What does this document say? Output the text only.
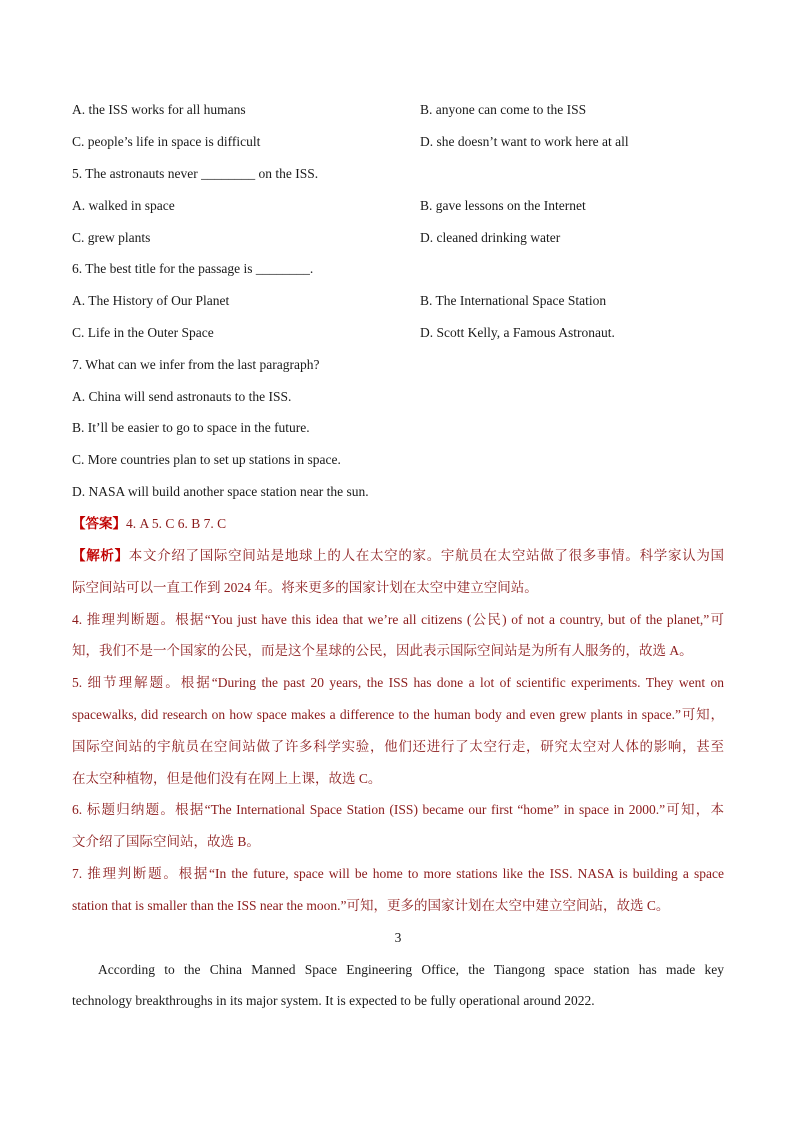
A. the ISS works for all humans	B. anyone can come to the ISS
C. people’s life in space is difficult	D. she doesn’t want to work here at all
5. The astronauts never ________ on the ISS.
A. walked in space	B. gave lessons on the Internet
C. grew plants	D. cleaned drinking water
6. The best title for the passage is ________.
A. The History of Our Planet	B. The International Space Station
C. Life in the Outer Space	D. Scott Kelly, a Famous Astronaut.
7. What can we infer from the last paragraph?
A. China will send astronauts to the ISS.
B. It’ll be easier to go to space in the future.
C. More countries plan to set up stations in space.
D. NASA will build another space station near the sun.
【答案】4. A 5. C 6. B 7. C
【解析】本文介绍了国际空间站是地球上的人在太空的家。宇航员在太空站做了很多事情。科学家认为国
际空间站可以一直工作到 2024 年。将来更多的国家计划在太空中建立空间站。
4. 推理判断题。根据“You just have this idea that we’re all citizens (公民) of not a country, but of the planet,”可
知，我们不是一个国家的公民，而是这个星球的公民，因此表示国际空间站是为所有人服务的，故选 A。
5. 细节理解题。根据“During the past 20 years, the ISS has done a lot of scientific experiments. They went on
spacewalks, did research on how space makes a difference to the human body and even grew plants in space.”可知，
国际空间站的宇航员在空间站做了许多科学实验，他们还进行了太空行走，研究太空对人体的影响，甚至
在太空种植物，但是他们没有在网上上课，故选 C。
6. 标题归纳题。根据“The International Space Station (ISS) became our first “home” in space in 2000.”可知，本
文介绍了国际空间站，故选 B。
7. 推理判断题。根据“In the future, space will be home to more stations like the ISS. NASA is building a space
station that is smaller than the ISS near the moon.”可知，更多的国家计划在太空中建立空间站，故选 C。
3
According to the China Manned Space Engineering Office, the Tiangong space station has made key
technology breakthroughs in its major system. It is expected to be fully operational around 2022.
